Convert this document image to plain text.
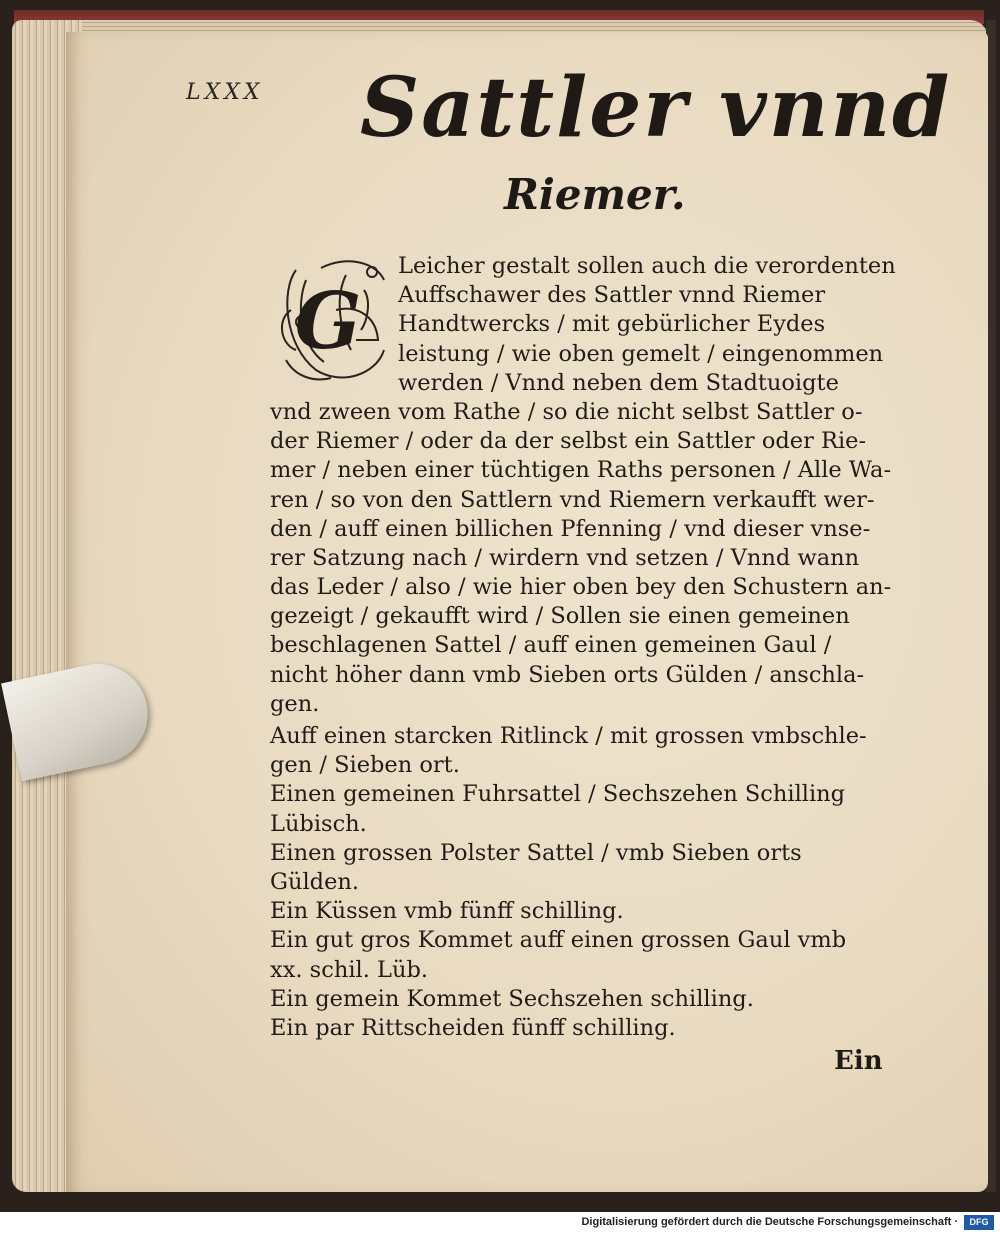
LXXX Sattler vnnd
Riemer.
G
Leicher gestalt sollen auch die verordenten
Auffschawer des Sattler vnnd Riemer
Handtwercks / mit gebürlicher Eydes
leistung / wie oben gemelt / eingenommen
werden / Vnnd neben dem Stadtuoigte
vnd zween vom Rathe / so die nicht selbst Sattler o-
der Riemer / oder da der selbst ein Sattler oder Rie-
mer / neben einer tüchtigen Raths personen / Alle Wa-
ren / so von den Sattlern vnd Riemern verkaufft wer-
den / auff einen billichen Pfenning / vnd dieser vnse-
rer Satzung nach / wirdern vnd setzen / Vnnd wann
das Leder / also / wie hier oben bey den Schustern an-
gezeigt / gekaufft wird / Sollen sie einen gemeinen
beschlagenen Sattel / auff einen gemeinen Gaul /
nicht höher dann vmb Sieben orts Gülden / anschla-
gen.
Auff einen starcken Ritlinck / mit grossen vmbschle-
gen / Sieben ort.
Einen gemeinen Fuhrsattel / Sechszehen Schilling
Lübisch.
Einen grossen Polster Sattel / vmb Sieben orts
Gülden.
Ein Küssen vmb fünff schilling.
Ein gut gros Kommet auff einen grossen Gaul vmb
xx. schil. Lüb.
Ein gemein Kommet Sechszehen schilling.
Ein par Rittscheiden fünff schilling.
Ein
Digitalisierung gefördert durch die Deutsche Forschungsgemeinschaft ·	DFG
